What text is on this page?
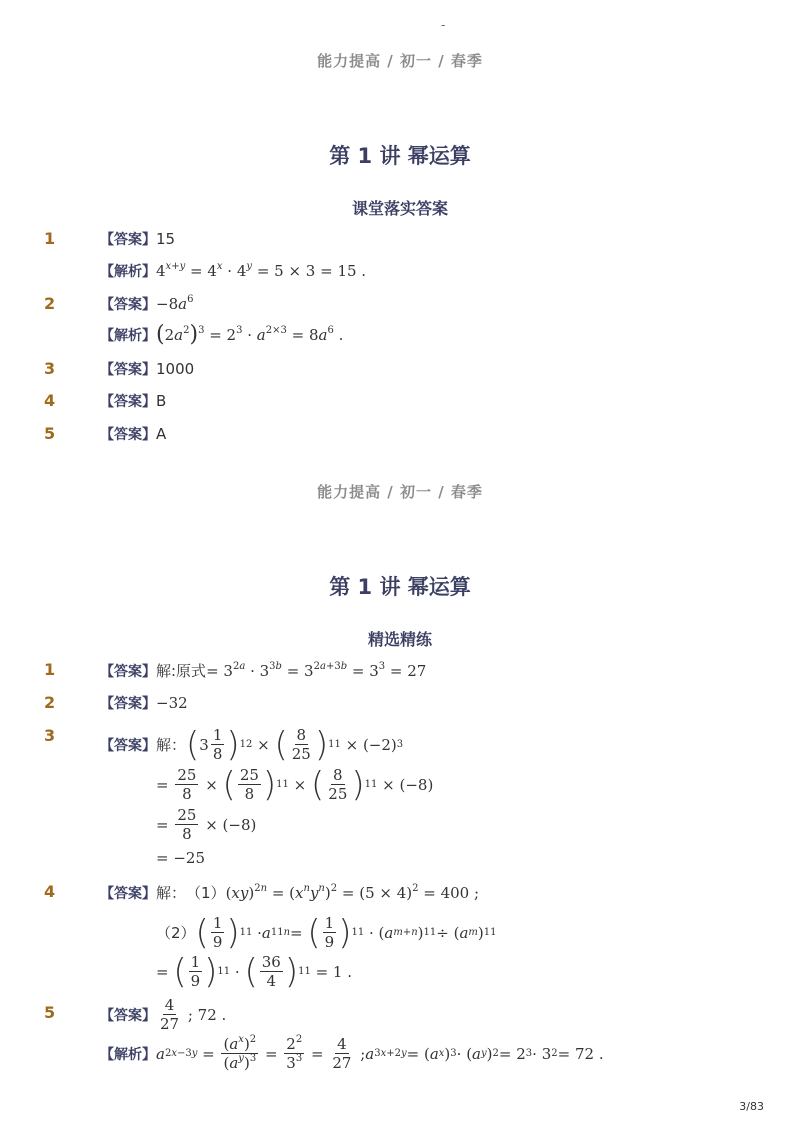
-
能力提高 / 初一 / 春季
第 1 讲 幂运算
课堂落实答案
1	【答案】 15
【解析】 $4^{x+y} = 4^x \cdot 4^y = 5 \times 3 = 15$ .
2	【答案】 $-8a^6$
【解析】 $(2a^2)^3 = 2^3 \cdot a^{2\times 3} = 8a^6$ .
3	【答案】 1000
4	【答案】 B
5	【答案】 A
能力提高 / 初一 / 春季
第 1 讲 幂运算
精选精练
1	【答案】 解:原式 = $3^{2a} \cdot 3^{3b} = 3^{2a+3b} = 3^3 = 27$
2	【答案】 −32
3
【答案】 解： ( $3 \frac{1}{8}$ ) 12 × ( $\frac{8}{25}$ ) 11 × (−2) 3
= $\frac{25}{8}$ × ( $\frac{25}{8}$ ) 11 × ( $\frac{8}{25}$ ) 11 × (−8)
= $\frac{25}{8} \times (-8)$
= −25
4	【答案】 解： （1） $(xy)^{2n} = (x^ny^n)^2 = (5 \times 4)^2 = 400$ ;
（2） ( $\frac{1}{9}$ ) 11 · a 11n = ( $\frac{1}{9}$ ) 11 · ( a m+n ) 11 ÷ ( a m ) 11
= ( $\frac{1}{9}$ ) 11 · ( $\frac{36}{4}$ ) 11 = 1 .
5	【答案】 $\frac{4}{27}$ ; 72 .
【解析】 a $2x-3y = \frac{(a^x)^2}{(a^y)^3} = \frac{2^2}{3^3} = \frac{4}{27}$ ; a 3x+2y = ( a x ) 3 · ( a y ) 2 = 2 3 · 3 2 = 72 .
3/83
